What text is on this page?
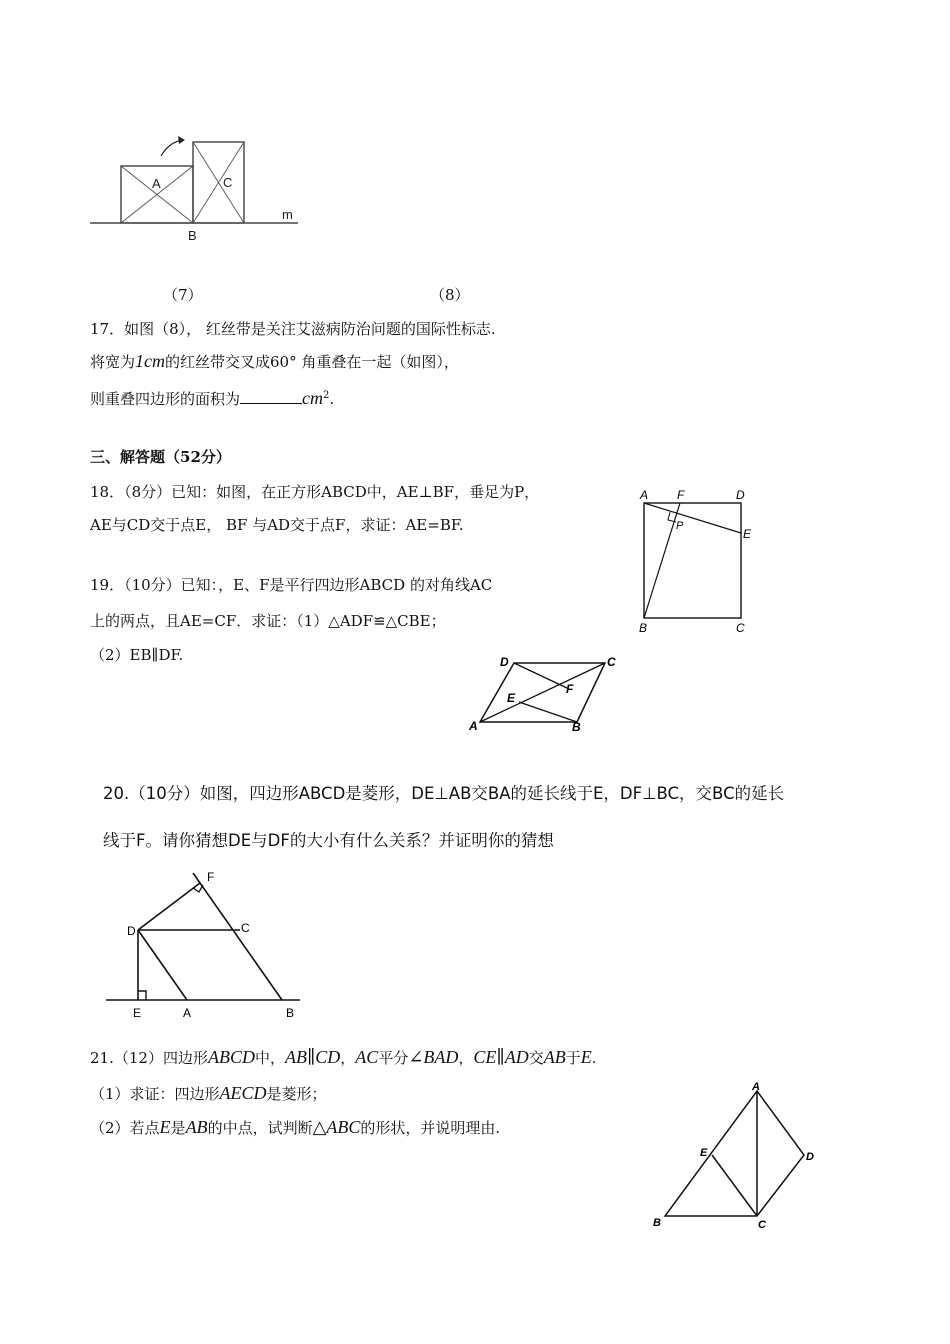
A	C
B
m
（7）	（8）
17．如图（8）， 红丝带是关注艾滋病防治问题的国际性标志.
将宽为1cm的红丝带交叉成60° 角重叠在一起（如图），
则重叠四边形的面积为	$cm^2$.
三、解答题（52分）
18．（8分）已知：如图，在正方形ABCD中，AE⊥BF，垂足为P，
AE与CD交于点E， BF 与AD交于点F，求证：AE=BF.
A F	D
P
E
B	C
19．（10分）已知：，E、F是平行四边形ABCD 的对角线AC
上的两点，且AE=CF．求证：（1）△ADF≌△CBE；
（2）EB∥DF.	D	C
F
E
A	B
20.（10分）如图，四边形ABCD是菱形，DE⊥AB交BA的延长线于E，DF⊥BC，交BC的延长
线于F。请你猜想DE与DF的大小有什么关系？并证明你的猜想
F
D	C
E	A	B
21.（12）四边形ABCD中，AB∥CD，AC平分∠BAD，CE∥AD交AB于E.
（1）求证：四边形AECD是菱形；
（2）若点E是AB的中点，试判断△ABC的形状，并说明理由.
A
E	D
B	C
